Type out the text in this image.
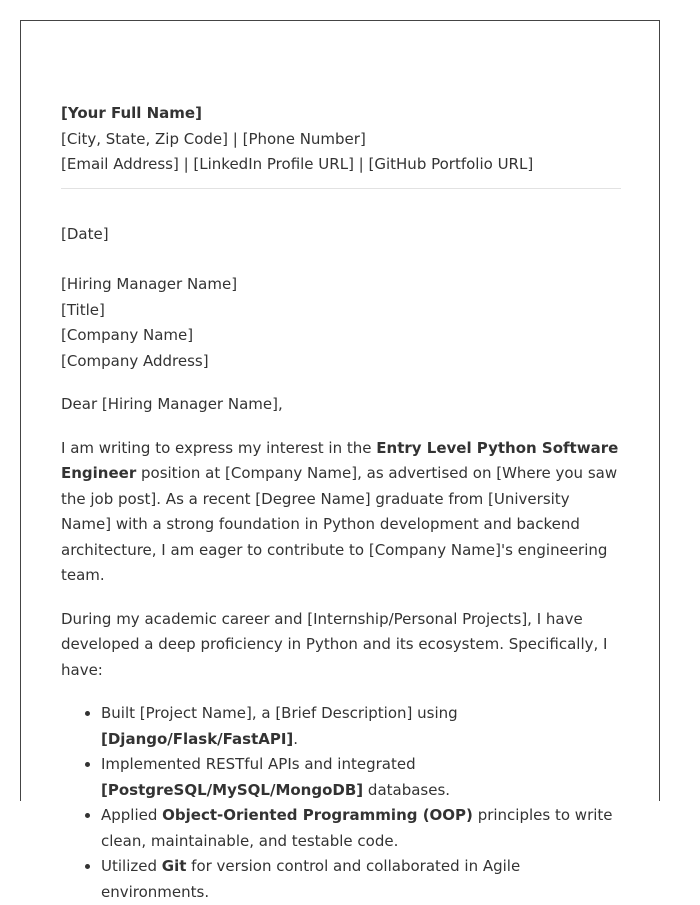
[Your Full Name]
[City, State, Zip Code] | [Phone Number]
[Email Address] | [LinkedIn Profile URL] | [GitHub Portfolio URL]
[Date]
[Hiring Manager Name]
[Title]
[Company Name]
[Company Address]
Dear [Hiring Manager Name],
I am writing to express my interest in the Entry Level Python Software Engineer position at [Company Name], as advertised on [Where you saw the job post]. As a recent [Degree Name] graduate from [University Name] with a strong foundation in Python development and backend architecture, I am eager to contribute to [Company Name]'s engineering team.
During my academic career and [Internship/Personal Projects], I have developed a deep proficiency in Python and its ecosystem. Specifically, I have:
• Built [Project Name], a [Brief Description] using [Django/Flask/FastAPI].
• Implemented RESTful APIs and integrated [PostgreSQL/MySQL/MongoDB] databases.
• Applied Object-Oriented Programming (OOP) principles to write clean, maintainable, and testable code.
• Utilized Git for version control and collaborated in Agile environments.
